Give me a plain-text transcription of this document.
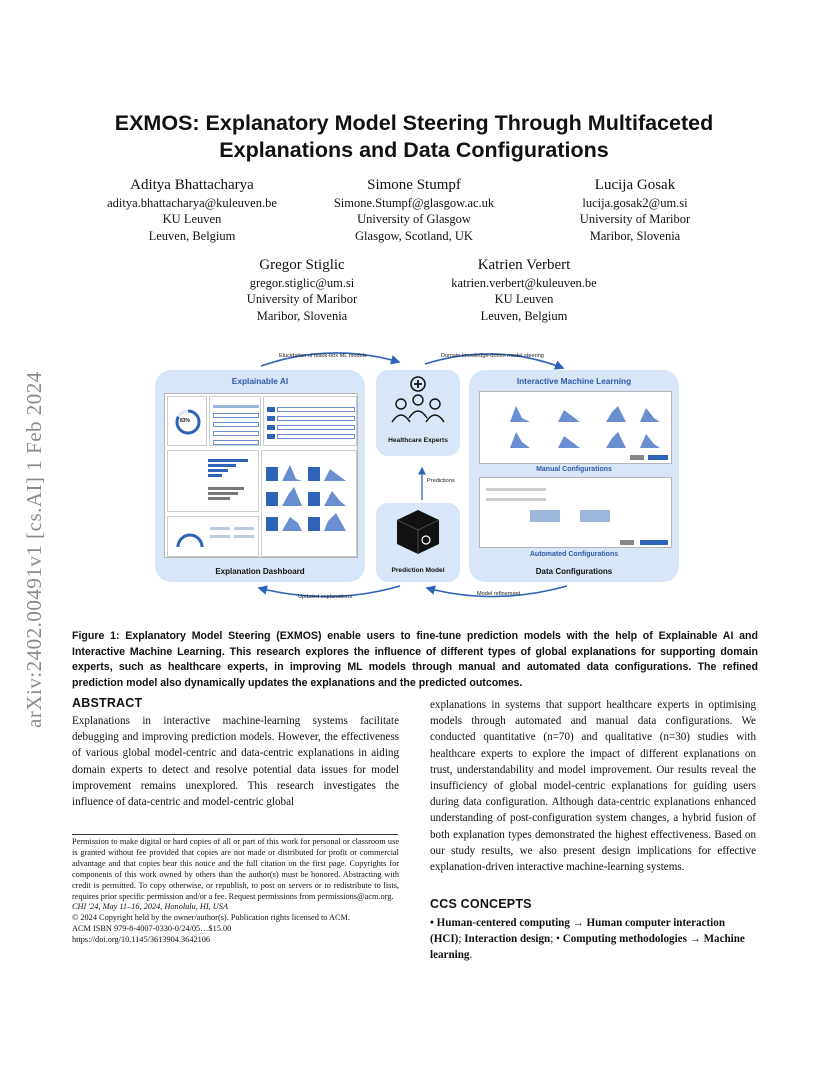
arXiv:2402.00491v1 [cs.AI] 1 Feb 2024
EXMOS: Explanatory Model Steering Through Multifaceted Explanations and Data Configurations
Aditya Bhattacharya
aditya.bhattacharya@kuleuven.be
KU Leuven
Leuven, Belgium
Simone Stumpf
Simone.Stumpf@glasgow.ac.uk
University of Glasgow
Glasgow, Scotland, UK
Lucija Gosak
lucija.gosak2@um.si
University of Maribor
Maribor, Slovenia
Gregor Stiglic
gregor.stiglic@um.si
University of Maribor
Maribor, Slovenia
Katrien Verbert
katrien.verbert@kuleuven.be
KU Leuven
Leuven, Belgium
Elucidation of black-box ML models	Domain knowledge-driven model steering
Updated explanations	Model refinement
Explainable AI
83%
Explanation Dashboard
Healthcare Experts
Predictions
Prediction Model
Interactive Machine Learning
Manual Configurations
Automated Configurations
Data Configurations
Figure 1: Explanatory Model Steering (EXMOS) enable users to fine-tune prediction models with the help of Explainable AI and Interactive Machine Learning. This research explores the influence of different types of global explanations for supporting domain experts, such as healthcare experts, in improving ML models through manual and automated data configurations. The refined prediction model also dynamically updates the explanations and the predicted outcomes.
ABSTRACT
Explanations in interactive machine-learning systems facilitate debugging and improving prediction models. However, the effectiveness of various global model-centric and data-centric explanations in aiding domain experts to detect and resolve potential data issues for model improvement remains unexplored. This research investigates the influence of data-centric and model-centric global
explanations in systems that support healthcare experts in optimising models through automated and manual data configurations. We conducted quantitative (n=70) and qualitative (n=30) studies with healthcare experts to explore the impact of different explanations on trust, understandability and model improvement. Our results reveal the insufficiency of global model-centric explanations for guiding users during data configuration. Although data-centric explanations enhanced understanding of post-configuration system changes, a hybrid fusion of both explanation types demonstrated the highest effectiveness. Based on our study results, we also present design implications for effective explanation-driven interactive machine-learning systems.
CCS CONCEPTS
• Human-centered computing → Human computer interaction (HCI); Interaction design; • Computing methodologies → Machine learning.
Permission to make digital or hard copies of all or part of this work for personal or classroom use is granted without fee provided that copies are not made or distributed for profit or commercial advantage and that copies bear this notice and the full citation on the first page. Copyrights for components of this work owned by others than the author(s) must be honored. Abstracting with credit is permitted. To copy otherwise, or republish, to post on servers or to redistribute to lists, requires prior specific permission and/or a fee. Request permissions from permissions@acm.org.
CHI '24, May 11–16, 2024, Honolulu, HI, USA
© 2024 Copyright held by the owner/author(s). Publication rights licensed to ACM.
ACM ISBN 979-8-4007-0330-0/24/05…$15.00
https://doi.org/10.1145/3613904.3642106
